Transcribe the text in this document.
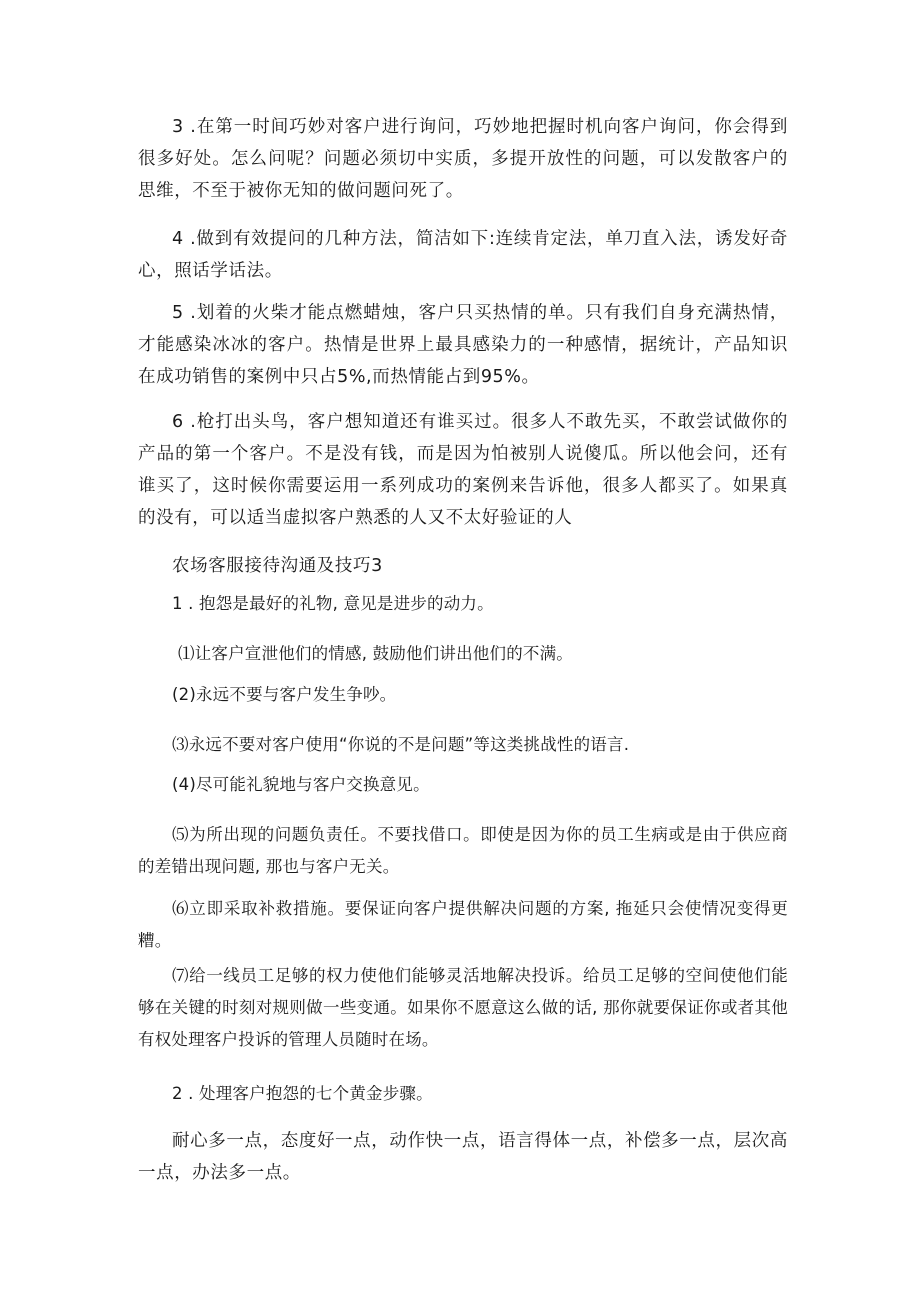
3 .在第一时间巧妙对客户进行询问，巧妙地把握时机向客户询问，你会得到很多好处。怎么问呢？问题必须切中实质，多提开放性的问题，可以发散客户的思维，不至于被你无知的做问题问死了。

4 .做到有效提问的几种方法，简洁如下:连续肯定法，单刀直入法，诱发好奇心，照话学话法。

5 .划着的火柴才能点燃蜡烛，客户只买热情的单。只有我们自身充满热情，才能感染冰冰的客户。热情是世界上最具感染力的一种感情，据统计，产品知识在成功销售的案例中只占5%,而热情能占到95%。

6 .枪打出头鸟，客户想知道还有谁买过。很多人不敢先买，不敢尝试做你的产品的第一个客户。不是没有钱，而是因为怕被别人说傻瓜。所以他会问，还有谁买了，这时候你需要运用一系列成功的案例来告诉他，很多人都买了。如果真的没有，可以适当虚拟客户熟悉的人又不太好验证的人

农场客服接待沟通及技巧3

1 . 抱怨是最好的礼物, 意见是进步的动力。

⑴让客户宣泄他们的情感, 鼓励他们讲出他们的不满。

(2)永远不要与客户发生争吵。

⑶永远不要对客户使用“你说的不是问题”等这类挑战性的语言.

(4)尽可能礼貌地与客户交换意见。

⑸为所出现的问题负责任。不要找借口。即使是因为你的员工生病或是由于供应商的差错出现问题, 那也与客户无关。

⑹立即采取补救措施。要保证向客户提供解决问题的方案, 拖延只会使情况变得更糟。

⑺给一线员工足够的权力使他们能够灵活地解决投诉。给员工足够的空间使他们能够在关键的时刻对规则做一些变通。如果你不愿意这么做的话, 那你就要保证你或者其他有权处理客户投诉的管理人员随时在场。

2 . 处理客户抱怨的七个黄金步骤。

耐心多一点，态度好一点，动作快一点，语言得体一点，补偿多一点，层次高一点，办法多一点。
